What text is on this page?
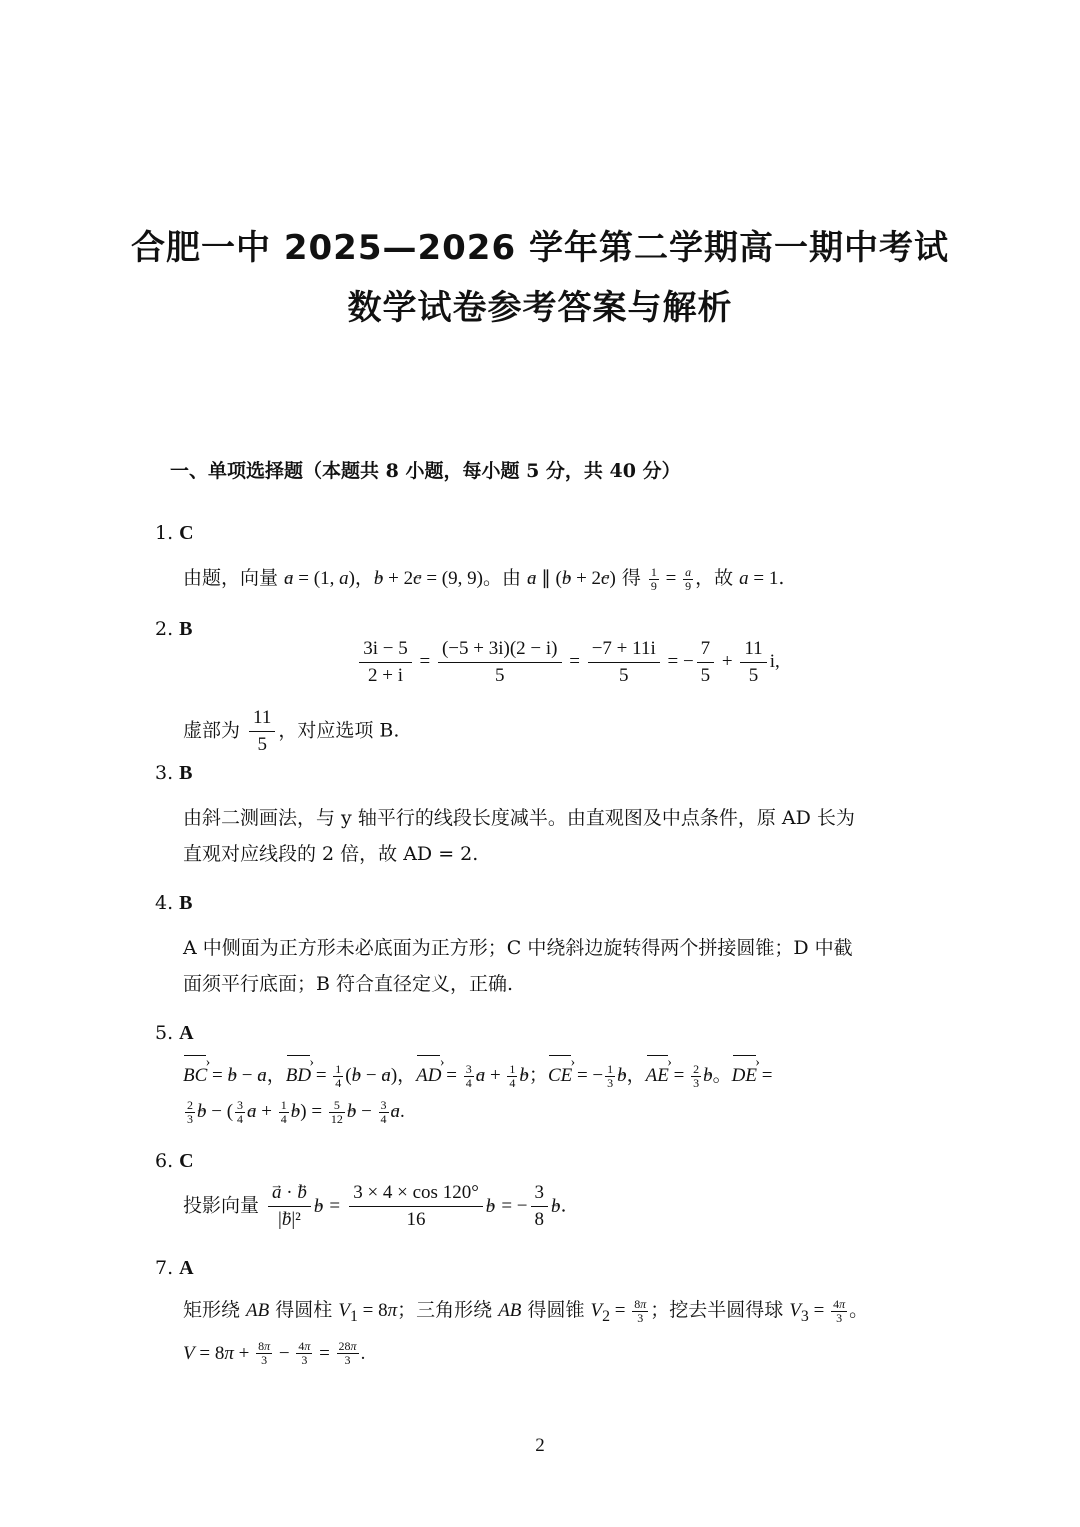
合肥一中 2025—2026 学年第二学期高一期中考试
数学试卷参考答案与解析

一、单项选择题（本题共 8 小题，每小题 5 分，共 40 分）

1. C

由题，向量 a → = (1, a)，b → + 2c → = (9, 9)。由 a → ∥ (b → + 2c →) 得 $\frac{1}{9} = \frac{a}{9}$ ，故 a = 1.

2. B

$\frac{3i - 5}{2 + i} = \frac{(-5 + 3i)(2 - i)}{5} = \frac{-7 + 11i}{5}$ = − $\frac{7}{5} + \frac{11}{5} i$,

虚部为 $\frac{11}{5}$ ，对应选项 B.

3. B

由斜二测画法，与 y 轴平行的线段长度减半。由直观图及中点条件，原 AD 长为
直观对应线段的 2 倍，故 AD = 2.

4. B

A 中侧面为正方形未必底面为正方形；C 中绕斜边旋转得两个拼接圆锥；D 中截
面须平行底面；B 符合直径定义，正确.

5. A

› BC = b → − a →，› BD = $\frac{1}{4} (b$ → − a →)，› AD = $\frac{3}{4}$ a → + $\frac{1}{4}$ b →；› CE = − $\frac{1}{3}$ b →，› AE = $\frac{2}{3}$ b →。› DE =

$\frac{2}{3}$ b → − ( $\frac{3}{4}$ a → + $\frac{1}{4}$ b →) = $\frac{5}{12}$ b → − $\frac{3}{4}$ a →.

6. C

投影向量 $\frac{a \to \cdot b \to}{\text{|b →|²}}$ b → = $\frac{3 \times 4 \times \cos 120^\circ}{16}$ b → = − $\frac{3}{8}$ b →.

7. A

矩形绕 AB 得圆柱 $V_1 = 8\pi$；三角形绕 AB 得圆锥 $V_2 = \frac{8\pi}{3}$ ；挖去半圆得球 $V_3 = \frac{4\pi}{3}$ 。
$V = 8\pi + \frac{8\pi}{3} - \frac{4\pi}{3} = \frac{28\pi}{3}$ .

2
